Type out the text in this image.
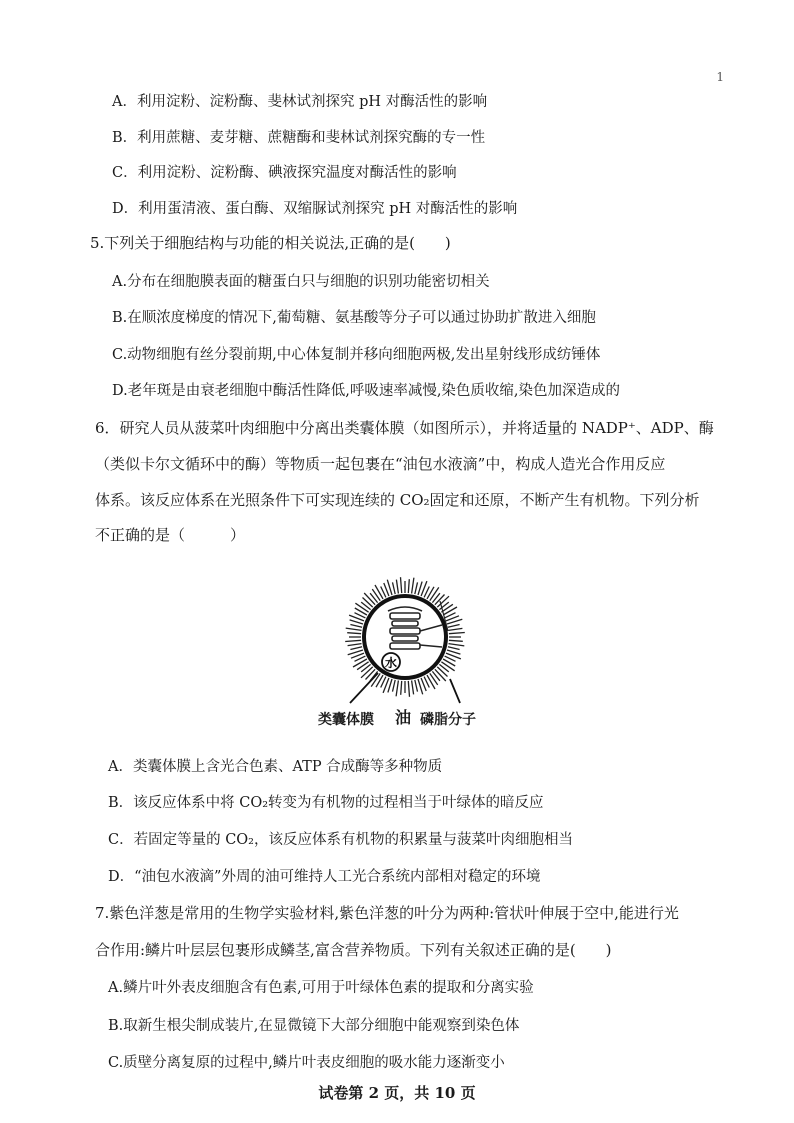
1
A．利用淀粉、淀粉酶、斐林试剂探究 pH 对酶活性的影响
B．利用蔗糖、麦芽糖、蔗糖酶和斐林试剂探究酶的专一性
C．利用淀粉、淀粉酶、碘液探究温度对酶活性的影响
D．利用蛋清液、蛋白酶、双缩脲试剂探究 pH 对酶活性的影响
5.下列关于细胞结构与功能的相关说法,正确的是(　　)
A.分布在细胞膜表面的糖蛋白只与细胞的识别功能密切相关
B.在顺浓度梯度的情况下,葡萄糖、氨基酸等分子可以通过协助扩散进入细胞
C.动物细胞有丝分裂前期,中心体复制并移向细胞两极,发出星射线形成纺锤体
D.老年斑是由衰老细胞中酶活性降低,呼吸速率减慢,染色质收缩,染色加深造成的
6．研究人员从菠菜叶肉细胞中分离出类囊体膜（如图所示），并将适量的 NADP⁺、ADP、酶
（类似卡尔文循环中的酶）等物质一起包裹在“油包水液滴”中，构成人造光合作用反应
体系。该反应体系在光照条件下可实现连续的 CO₂固定和还原，不断产生有机物。下列分析
不正确的是（　　　）
水
类囊体膜 油 磷脂分子
A．类囊体膜上含光合色素、ATP 合成酶等多种物质
B．该反应体系中将 CO₂转变为有机物的过程相当于叶绿体的暗反应
C．若固定等量的 CO₂，该反应体系有机物的积累量与菠菜叶肉细胞相当
D．“油包水液滴”外周的油可维持人工光合系统内部相对稳定的环境
7.紫色洋葱是常用的生物学实验材料,紫色洋葱的叶分为两种:管状叶伸展于空中,能进行光
合作用:鳞片叶层层包裹形成鳞茎,富含营养物质。下列有关叙述正确的是(　　)
A.鳞片叶外表皮细胞含有色素,可用于叶绿体色素的提取和分离实验
B.取新生根尖制成装片,在显微镜下大部分细胞中能观察到染色体
C.质壁分离复原的过程中,鳞片叶表皮细胞的吸水能力逐渐变小
试卷第 2 页，共 10 页
